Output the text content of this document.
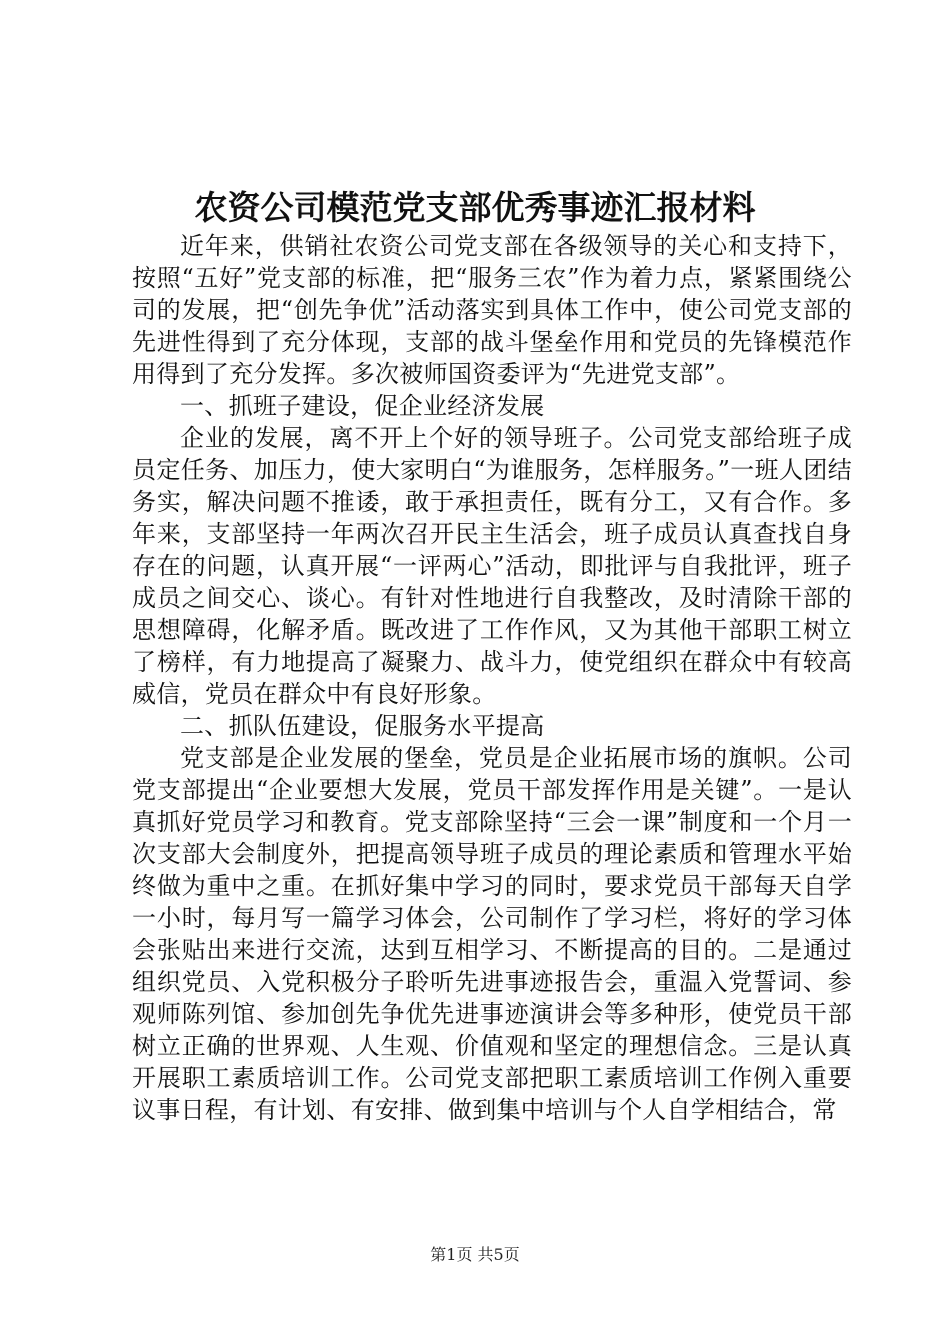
农资公司模范党支部优秀事迹汇报材料

近年来，供销社农资公司党支部在各级领导的关心和支持下，按照“五好”党支部的标准，把“服务三农”作为着力点，紧紧围绕公司的发展，把“创先争优”活动落实到具体工作中，使公司党支部的先进性得到了充分体现，支部的战斗堡垒作用和党员的先锋模范作用得到了充分发挥。多次被师国资委评为“先进党支部”。

一、抓班子建设，促企业经济发展

企业的发展，离不开上个好的领导班子。公司党支部给班子成员定任务、加压力，使大家明白“为谁服务，怎样服务。”一班人团结务实，解决问题不推诿，敢于承担责任，既有分工，又有合作。多年来，支部坚持一年两次召开民主生活会，班子成员认真查找自身存在的问题，认真开展“一评两心”活动，即批评与自我批评，班子成员之间交心、谈心。有针对性地进行自我整改，及时清除干部的思想障碍，化解矛盾。既改进了工作作风，又为其他干部职工树立了榜样，有力地提高了凝聚力、战斗力，使党组织在群众中有较高威信，党员在群众中有良好形象。

二、抓队伍建设，促服务水平提高

党支部是企业发展的堡垒，党员是企业拓展市场的旗帜。公司党支部提出“企业要想大发展，党员干部发挥作用是关键”。一是认真抓好党员学习和教育。党支部除坚持“三会一课”制度和一个月一次支部大会制度外，把提高领导班子成员的理论素质和管理水平始终做为重中之重。在抓好集中学习的同时，要求党员干部每天自学一小时，每月写一篇学习体会，公司制作了学习栏，将好的学习体会张贴出来进行交流，达到互相学习、不断提高的目的。二是通过组织党员、入党积极分子聆听先进事迹报告会，重温入党誓词、参观师陈列馆、参加创先争优先进事迹演讲会等多种形，使党员干部树立正确的世界观、人生观、价值观和坚定的理想信念。三是认真开展职工素质培训工作。公司党支部把职工素质培训工作例入重要议事日程，有计划、有安排、做到集中培训与个人自学相结合，常

第1页 共5页
